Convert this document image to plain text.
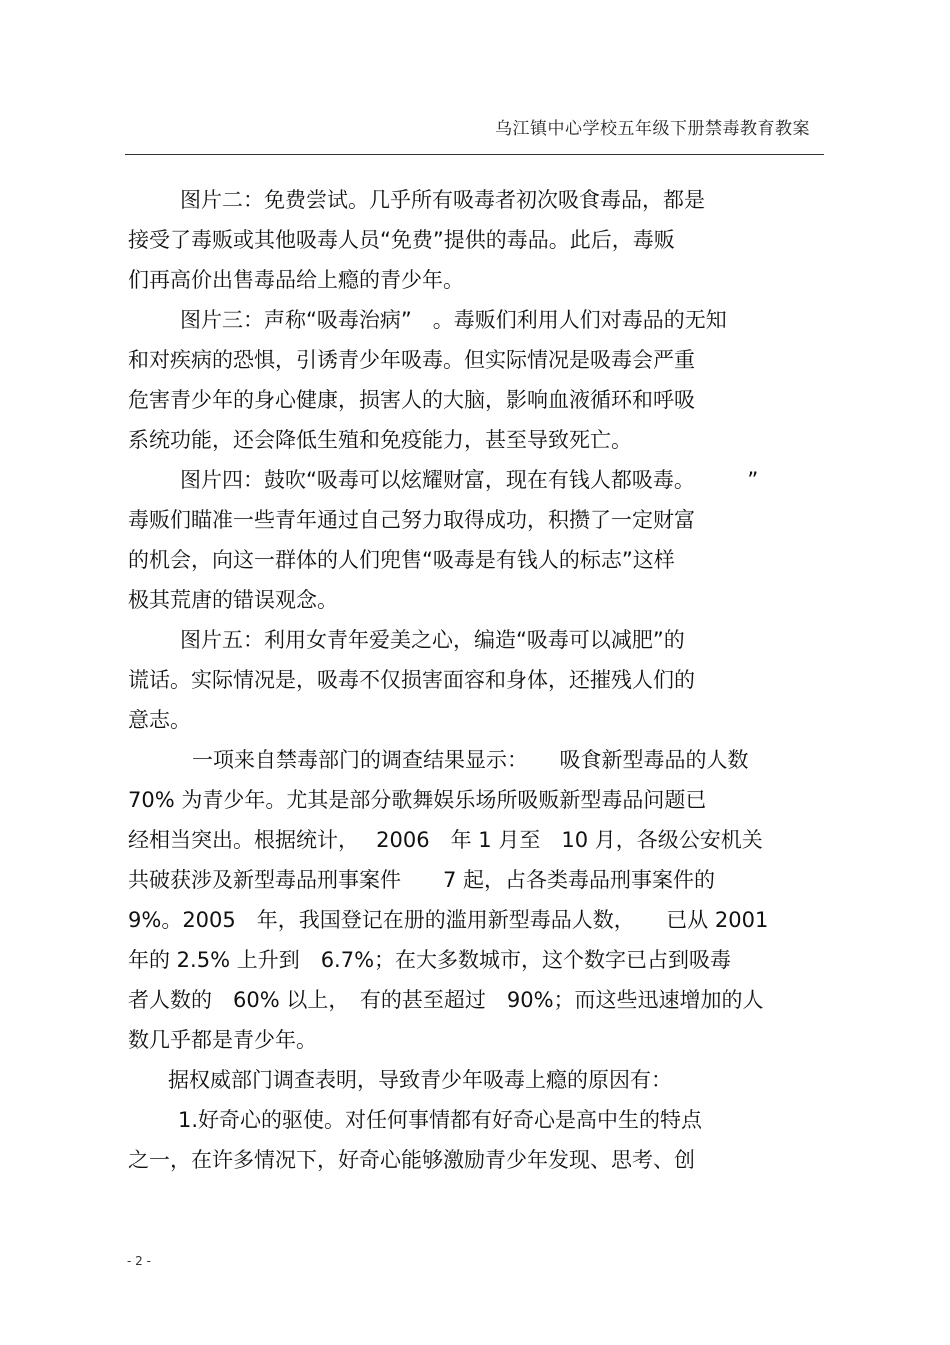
乌江镇中心学校五年级下册禁毒教育教案
图片二：免费尝试。几乎所有吸毒者初次吸食毒品，都是
接受了毒贩或其他吸毒人员“免费”提供的毒品。此后，毒贩
们再高价出售毒品给上瘾的青少年。
图片三：声称“吸毒治病”　。毒贩们利用人们对毒品的无知
和对疾病的恐惧，引诱青少年吸毒。但实际情况是吸毒会严重
危害青少年的身心健康，损害人的大脑，影响血液循环和呼吸
系统功能，还会降低生殖和免疫能力，甚至导致死亡。
图片四：鼓吹“吸毒可以炫耀财富，现在有钱人都吸毒。　　　”
毒贩们瞄准一些青年通过自己努力取得成功，积攒了一定财富
的机会，向这一群体的人们兜售“吸毒是有钱人的标志”这样
极其荒唐的错误观念。
图片五：利用女青年爱美之心，编造“吸毒可以减肥”的
谎话。实际情况是，吸毒不仅损害面容和身体，还摧残人们的
意志。
一项来自禁毒部门的调查结果显示：　　吸食新型毒品的人数
70% 为青少年。尤其是部分歌舞娱乐场所吸贩新型毒品问题已
经相当突出。根据统计，　 2006　年 1 月至　10 月，各级公安机关
共破获涉及新型毒品刑事案件　　7 起，占各类毒品刑事案件的
9%。2005　年，我国登记在册的滥用新型毒品人数，　　已从 2001
年的 2.5% 上升到　6.7%；在大多数城市，这个数字已占到吸毒
者人数的　60% 以上，　有的甚至超过　90%；而这些迅速增加的人
数几乎都是青少年。
据权威部门调查表明，导致青少年吸毒上瘾的原因有：
1.好奇心的驱使。对任何事情都有好奇心是高中生的特点
之一，在许多情况下，好奇心能够激励青少年发现、思考、创
- 2 -
